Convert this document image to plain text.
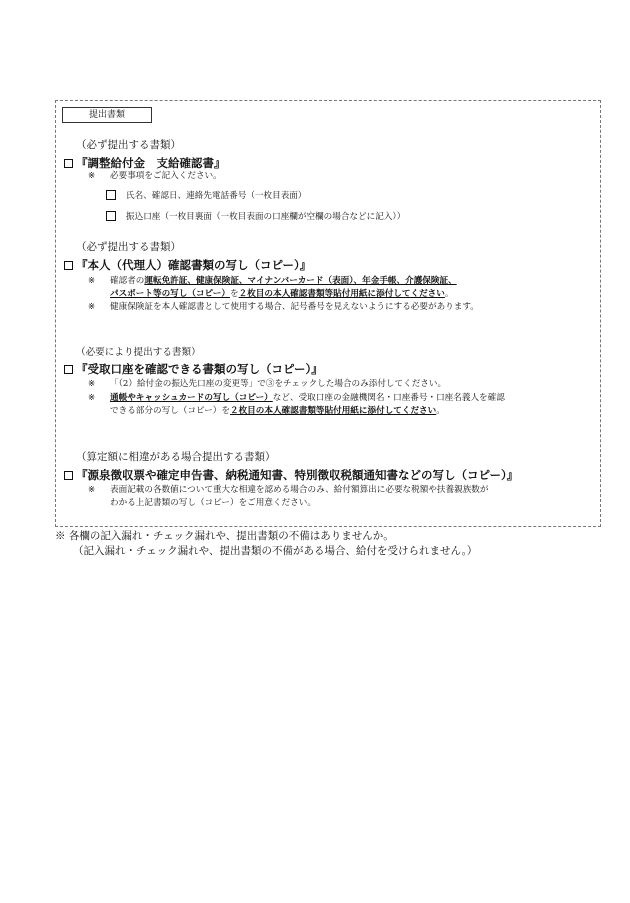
提出書類
（必ず提出する書類）
『調整給付金　支給確認書』
※ 必要事項をご記入ください。
氏名、確認日、連絡先電話番号（一枚目表面）
振込口座（一枚目裏面（一枚目表面の口座欄が空欄の場合などに記入））
（必ず提出する書類）
『本人（代理人）確認書類の写し（コピー）』
※ 確認者の運転免許証、健康保険証、マイナンバーカード（表面）、年金手帳、介護保険証、
パスポート等の写し（コピー）を２枚目の本人確認書類等貼付用紙に添付してください。
※ 健康保険証を本人確認書として使用する場合、記号番号を見えないようにする必要があります。
（必要により提出する書類）
『受取口座を確認できる書類の写し（コピー）』
※ 「（2）給付金の振込先口座の変更等」で③をチェックした場合のみ添付してください。
※ 通帳やキャッシュカードの写し（コピー）など、受取口座の金融機関名・口座番号・口座名義人を確認
できる部分の写し（コピー）を２枚目の本人確認書類等貼付用紙に添付してください。
（算定額に相違がある場合提出する書類）
『源泉徴収票や確定申告書、納税通知書、特別徴収税額通知書などの写し（コピー）』
※ 表面記載の各数値について重大な相違を認める場合のみ、給付額算出に必要な税額や扶養親族数が
わかる上記書類の写し（コピー）をご用意ください。
※ 各欄の記入漏れ・チェック漏れや、提出書類の不備はありませんか。
（記入漏れ・チェック漏れや、提出書類の不備がある場合、給付を受けられません。）
